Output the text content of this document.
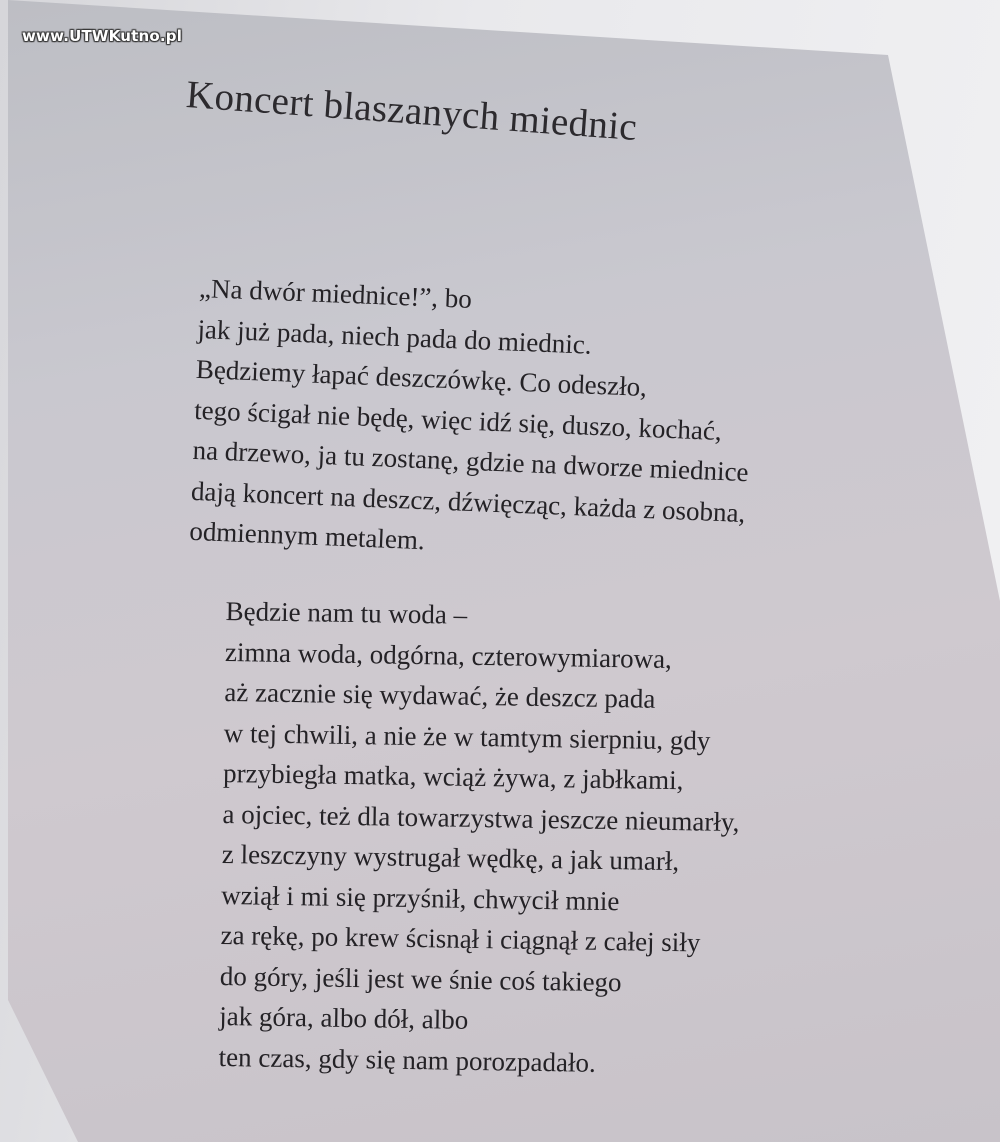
www.UTWKutno.pl
Koncert blaszanych miednic
„Na dwór miednice!”, bo
jak już pada, niech pada do miednic.
Będziemy łapać deszczówkę. Co odeszło,
tego ścigał nie będę, więc idź się, duszo, kochać,
na drzewo, ja tu zostanę, gdzie na dworze miednice
dają koncert na deszcz, dźwięcząc, każda z osobna,
odmiennym metalem.
Będzie nam tu woda –
zimna woda, odgórna, czterowymiarowa,
aż zacznie się wydawać, że deszcz pada
w tej chwili, a nie że w tamtym sierpniu, gdy
przybiegła matka, wciąż żywa, z jabłkami,
a ojciec, też dla towarzystwa jeszcze nieumarły,
z leszczyny wystrugał wędkę, a jak umarł,
wziął i mi się przyśnił, chwycił mnie
za rękę, po krew ścisnął i ciągnął z całej siły
do góry, jeśli jest we śnie coś takiego
jak góra, albo dół, albo
ten czas, gdy się nam porozpadało.
